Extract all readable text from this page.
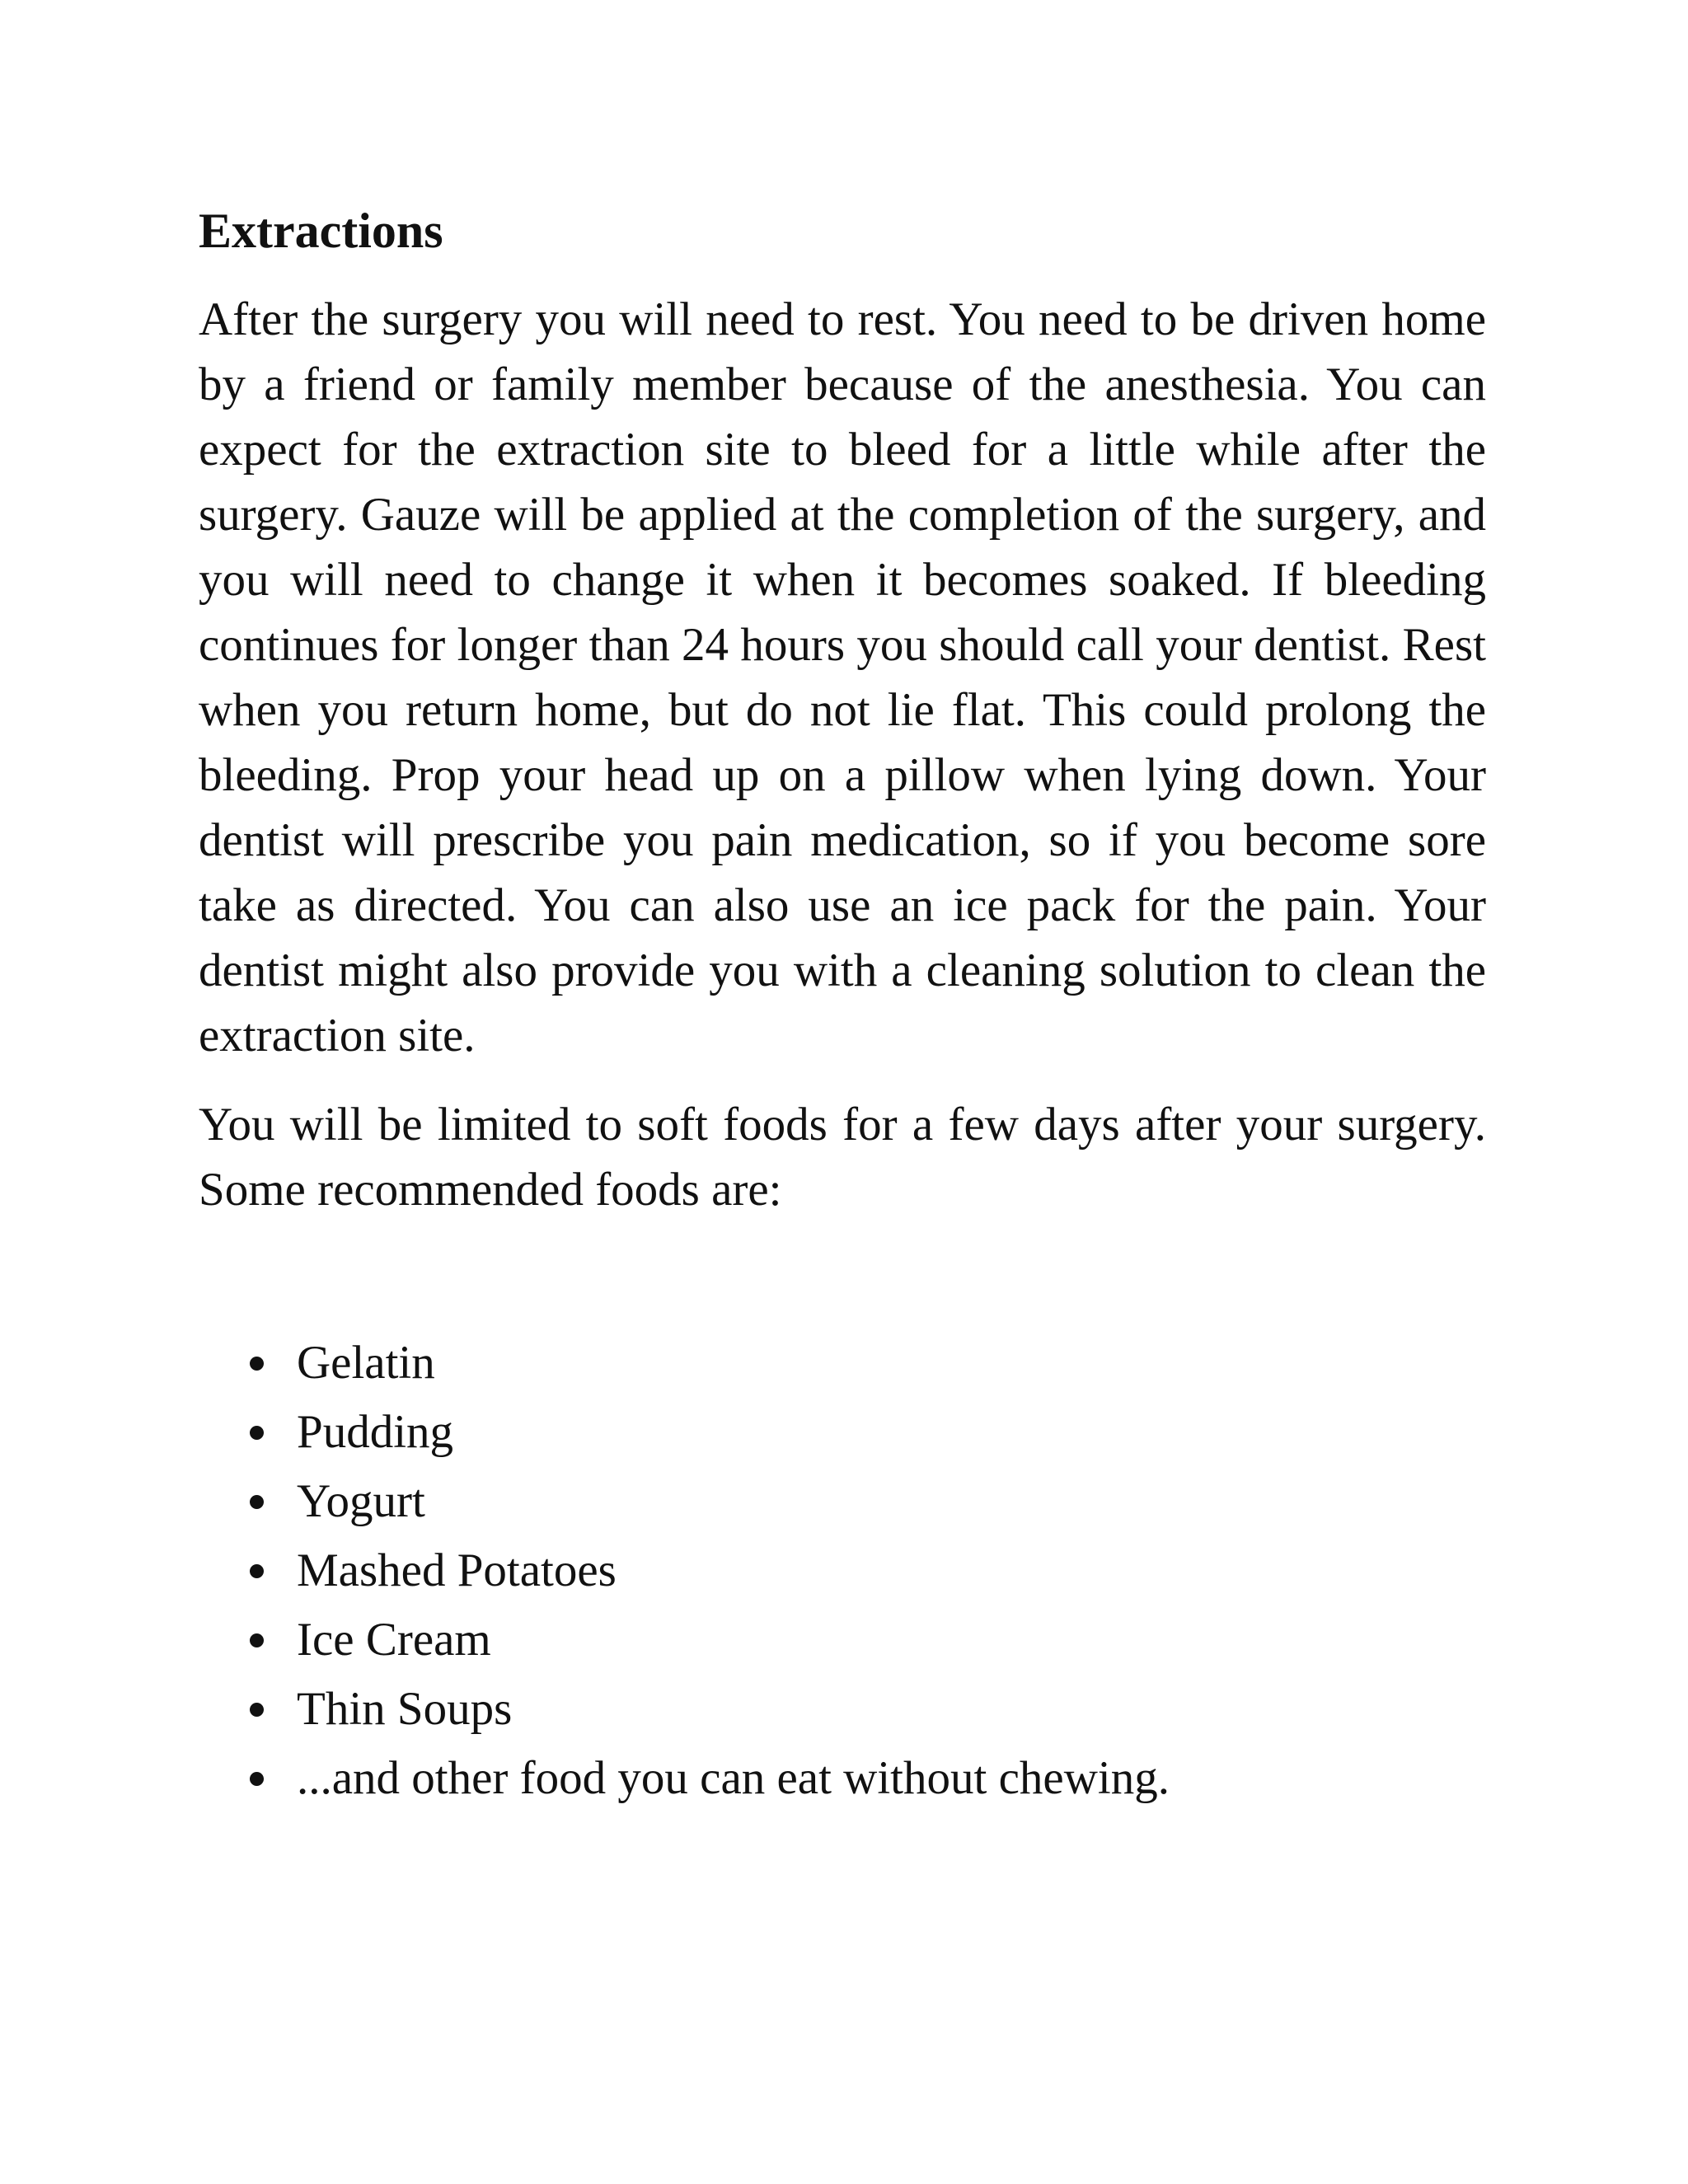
Extractions

After the surgery you will need to rest. You need to be driven home by a friend or family member because of the anesthesia. You can expect for the extraction site to bleed for a little while after the surgery. Gauze will be applied at the completion of the surgery, and you will need to change it when it becomes soaked. If bleeding continues for longer than 24 hours you should call your dentist. Rest when you return home, but do not lie flat. This could prolong the bleeding. Prop your head up on a pillow when lying down. Your dentist will prescribe you pain medication, so if you become sore take as directed. You can also use an ice pack for the pain. Your dentist might also provide you with a cleaning solution to clean the extraction site.

You will be limited to soft foods for a few days after your surgery. Some recommended foods are:

Gelatin
Pudding
Yogurt
Mashed Potatoes
Ice Cream
Thin Soups
...and other food you can eat without chewing.
